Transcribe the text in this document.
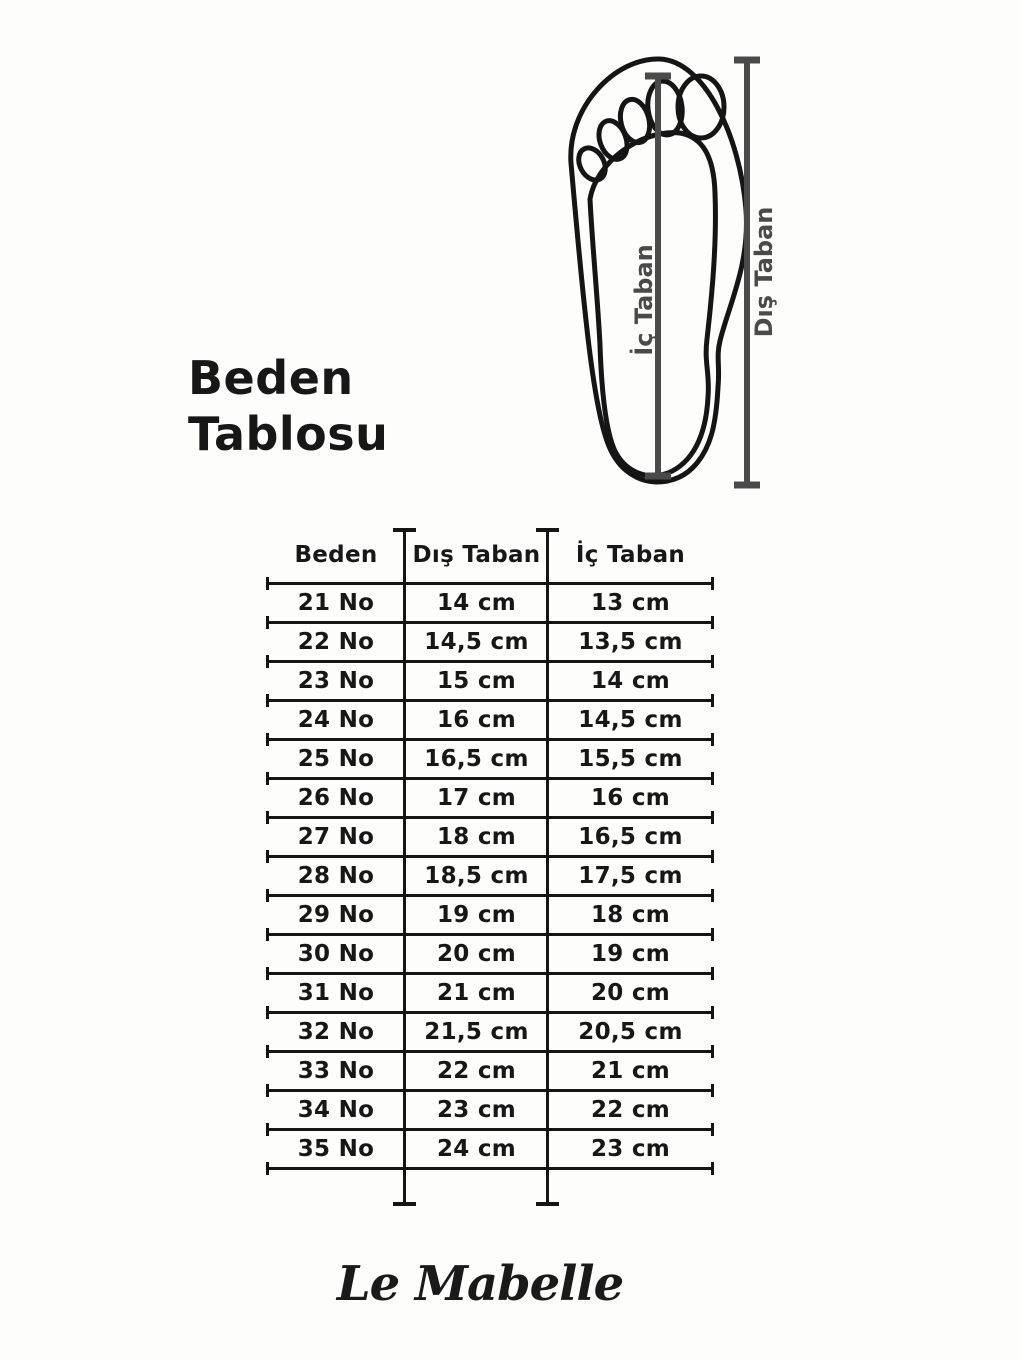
Beden
Tablosu
İç Taban	Dış Taban
Beden	Dış Taban	İç Taban
21 No	14 cm	13 cm
22 No	14,5 cm	13,5 cm
23 No	15 cm	14 cm
24 No	16 cm	14,5 cm
25 No	16,5 cm	15,5 cm
26 No	17 cm	16 cm
27 No	18 cm	16,5 cm
28 No	18,5 cm	17,5 cm
29 No	19 cm	18 cm
30 No	20 cm	19 cm
31 No	21 cm	20 cm
32 No	21,5 cm	20,5 cm
33 No	22 cm	21 cm
34 No	23 cm	22 cm
35 No	24 cm	23 cm
Le Mabelle
